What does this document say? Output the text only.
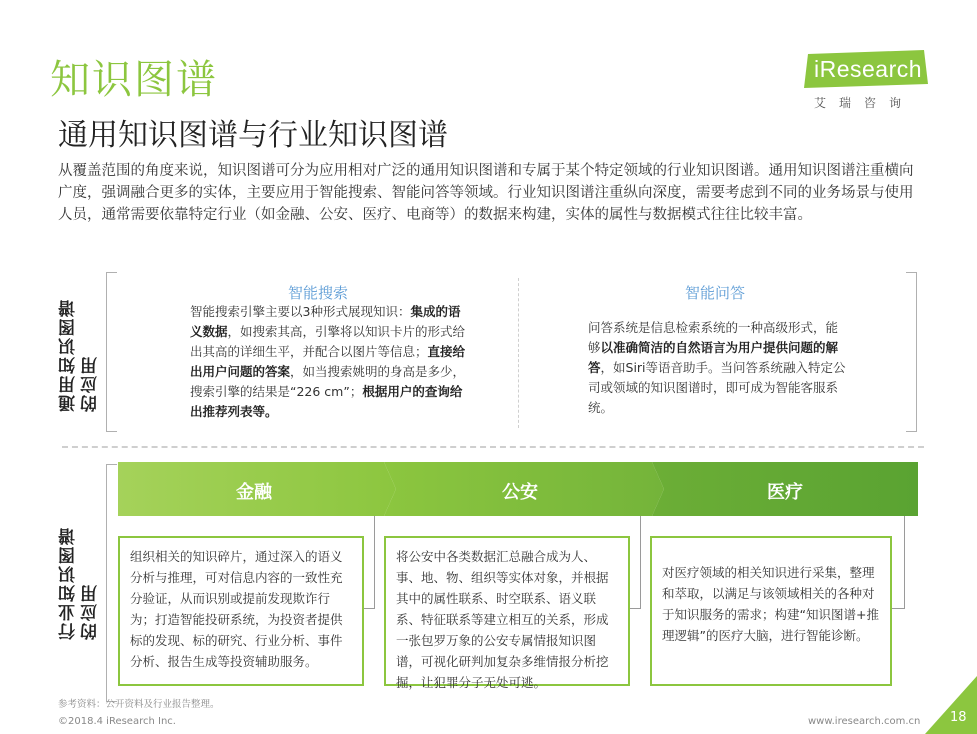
知识图谱
通用知识图谱与行业知识图谱
从覆盖范围的角度来说，知识图谱可分为应用相对广泛的通用知识图谱和专属于某个特定领域的行业知识图谱。通用知识图谱注重横向广度，强调融合更多的实体，主要应用于智能搜索、智能问答等领域。行业知识图谱注重纵向深度，需要考虑到不同的业务场景与使用人员，通常需要依靠特定行业（如金融、公安、医疗、电商等）的数据来构建，实体的属性与数据模式往往比较丰富。
iResearch
艾瑞咨询
通用知识图谱的应用
智能搜索
智能搜索引擎主要以3种形式展现知识：集成的语义数据，如搜索其高，引擎将以知识卡片的形式给出其高的详细生平，并配合以图片等信息；直接给出用户问题的答案，如当搜索姚明的身高是多少，搜索引擎的结果是“226 cm”；根据用户的查询给出推荐列表等。
智能问答
问答系统是信息检索系统的一种高级形式，能够以准确简洁的自然语言为用户提供问题的解答，如Siri等语音助手。当问答系统融入特定公司或领域的知识图谱时，即可成为智能客服系统。
行业知识图谱的应用
金融	公安	医疗
组织相关的知识碎片，通过深入的语义分析与推理，可对信息内容的一致性充分验证，从而识别或提前发现欺诈行为；打造智能投研系统，为投资者提供标的发现、标的研究、行业分析、事件分析、报告生成等投资辅助服务。
将公安中各类数据汇总融合成为人、事、地、物、组织等实体对象，并根据其中的属性联系、时空联系、语义联系、特征联系等建立相互的关系，形成一张包罗万象的公安专属情报知识图谱，可视化研判加复杂多维情报分析挖掘，让犯罪分子无处可逃。
对医疗领域的相关知识进行采集，整理和萃取，以满足与该领域相关的各种对于知识服务的需求；构建“知识图谱+推理逻辑”的医疗大脑，进行智能诊断。
参考资料：公开资料及行业报告整理。
©2018.4 iResearch Inc.	www.iresearch.com.cn 18
